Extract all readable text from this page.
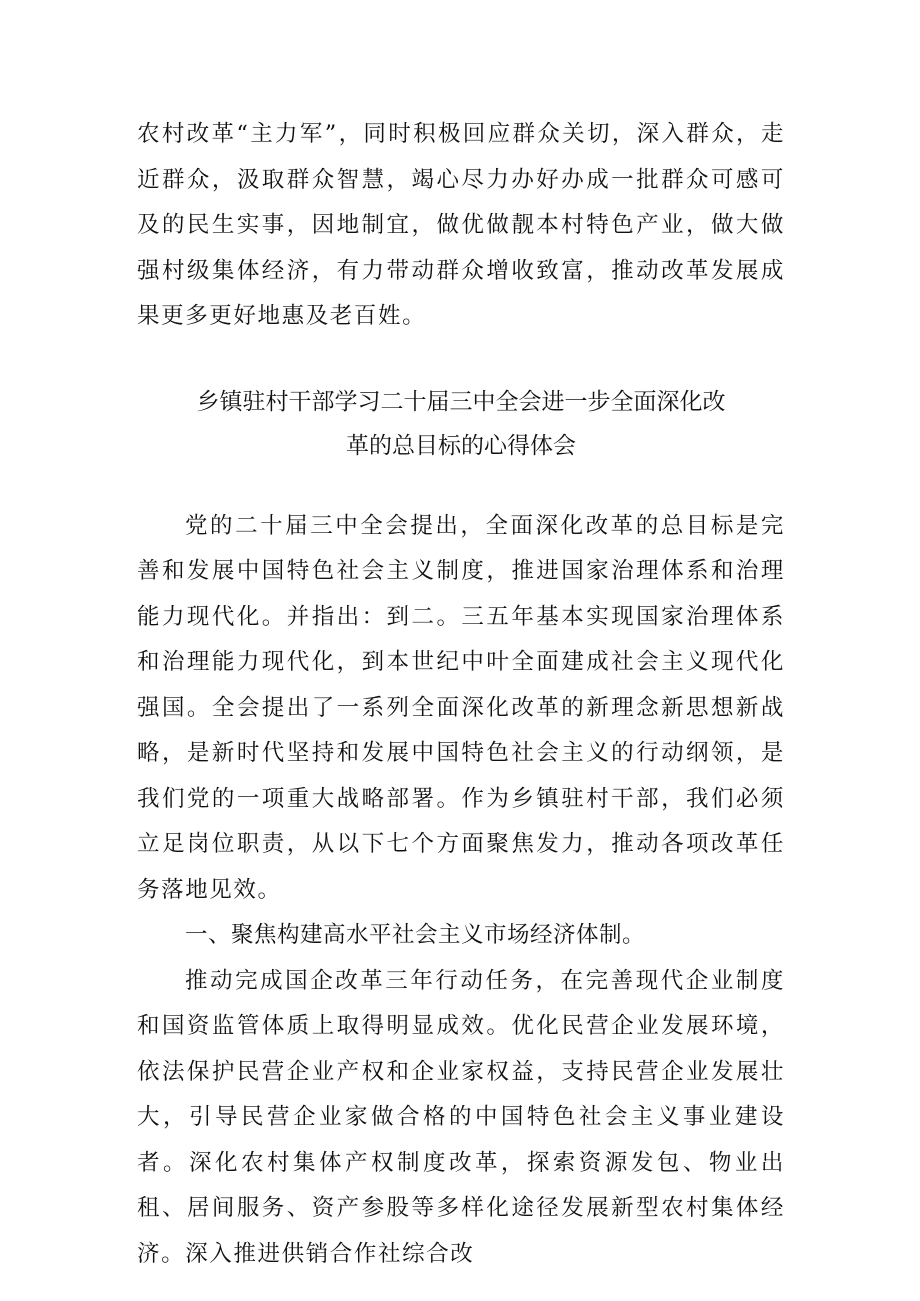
农村改革“主力军”，同时积极回应群众关切，深入群众，走近群众，汲取群众智慧，竭心尽力办好办成一批群众可感可及的民生实事，因地制宜，做优做靓本村特色产业，做大做强村级集体经济，有力带动群众增收致富，推动改革发展成果更多更好地惠及老百姓。

乡镇驻村干部学习二十届三中全会进一步全面深化改

革的总目标的心得体会

党的二十届三中全会提出，全面深化改革的总目标是完善和发展中国特色社会主义制度，推进国家治理体系和治理能力现代化。并指出：到二。三五年基本实现国家治理体系和治理能力现代化，到本世纪中叶全面建成社会主义现代化强国。全会提出了一系列全面深化改革的新理念新思想新战略，是新时代坚持和发展中国特色社会主义的行动纲领，是我们党的一项重大战略部署。作为乡镇驻村干部，我们必须立足岗位职责，从以下七个方面聚焦发力，推动各项改革任务落地见效。

一、聚焦构建高水平社会主义市场经济体制。

推动完成国企改革三年行动任务，在完善现代企业制度和国资监管体质上取得明显成效。优化民营企业发展环境，依法保护民营企业产权和企业家权益，支持民营企业发展壮大，引导民营企业家做合格的中国特色社会主义事业建设者。深化农村集体产权制度改革，探索资源发包、物业出租、居间服务、资产参股等多样化途径发展新型农村集体经济。深入推进供销合作社综合改
